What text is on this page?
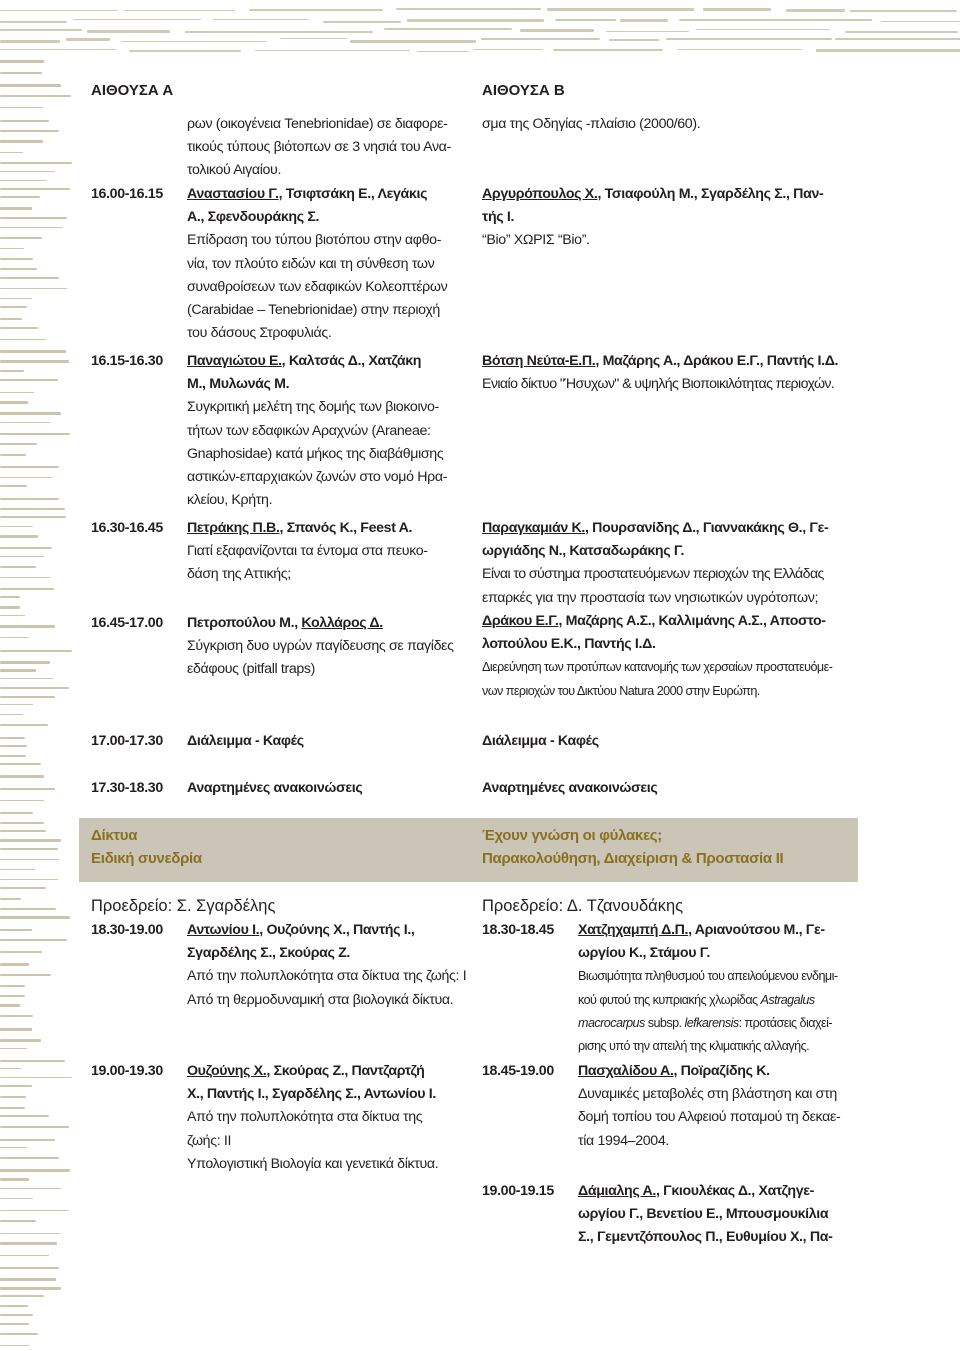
ΑΙΘΟΥΣΑ Α
ρων (οικογένεια Tenebrionidae) σε διαφορε-
τικούς τύπους βιότοπων σε 3 νησιά του Ανα-
τολικού Αιγαίου.
16.00-16.15 Αναστασίου Γ., Τσιφτσάκη Ε., Λεγάκις
Α., Σφενδουράκης Σ.
Επίδραση του τύπου βιοτόπου στην αφθο-
νία, τον πλούτο ειδών και τη σύνθεση των
συναθροίσεων των εδαφικών Κολεοπτέρων
(Carabidae – Tenebrionidae) στην περιοχή
του δάσους Στροφυλιάς.
16.15-16.30 Παναγιώτου Ε., Καλτσάς Δ., Χατζάκη
Μ., Μυλωνάς Μ.
Συγκριτική μελέτη της δομής των βιοκοινο-
τήτων των εδαφικών Αραχνών (Araneae:
Gnaphosidae) κατά μήκος της διαβάθμισης
αστικών-επαρχιακών ζωνών στο νομό Ηρα-
κλείου, Κρήτη.
16.30-16.45 Πετράκης Π.Β., Σπανός Κ., Feest A.
Γιατί εξαφανίζονται τα έντομα στα πευκο-
δάση της Αττικής;
16.45-17.00 Πετροπούλου Μ., Κολλάρος Δ.
Σύγκριση δυο υγρών παγίδευσης σε παγίδες
εδάφους (pitfall traps)
17.00-17.30 Διάλειμμα - Καφές
17.30-18.30 Αναρτημένες ανακοινώσεις
Δίκτυα
Ειδική συνεδρία
Έχουν γνώση οι φύλακες;
Παρακολούθηση, Διαχείριση & Προστασία ΙΙ
Προεδρείο: Σ. Σγαρδέλης
18.30-19.00 Αντωνίου Ι., Ουζούνης Χ., Παντής Ι.,
Σγαρδέλης Σ., Σκούρας Ζ.
Από την πολυπλοκότητα στα δίκτυα της ζωής: I
Από τη θερμοδυναμική στα βιολογικά δίκτυα.
19.00-19.30 Ουζούνης Χ., Σκούρας Ζ., Παντζαρτζή
Χ., Παντής Ι., Σγαρδέλης Σ., Αντωνίου Ι.
Από την πολυπλοκότητα στα δίκτυα της
ζωής: II
Υπολογιστική Βιολογία και γενετικά δίκτυα.
ΑΙΘΟΥΣΑ Β
σμα της Οδηγίας -πλαίσιο (2000/60).
Αργυρόπουλος Χ., Τσιαφούλη Μ., Σγαρδέλης Σ., Παν-
τής Ι.
“Βio” ΧΩΡΙΣ “Βio”.
Βότση Νεύτα-Ε.Π., Μαζάρης Α., Δράκου Ε.Γ., Παντής Ι.Δ.
Ενιαίο δίκτυο "Ήσυχων" & υψηλής Βιοποικιλότητας περιοχών.
Παραγκαμιάν Κ., Πουρσανίδης Δ., Γιαννακάκης Θ., Γε-
ωργιάδης Ν., Κατσαδωράκης Γ.
Είναι το σύστημα προστατευόμενων περιοχών της Ελλάδας
επαρκές για την προστασία των νησιωτικών υγρότοπων;
Δράκου Ε.Γ., Μαζάρης Α.Σ., Καλλιμάνης Α.Σ., Αποστο-
λοπούλου Ε.Κ., Παντής Ι.Δ.
Διερεύνηση των προτύπων κατανομής των χερσαίων προστατευόμε-
νων περιοχών του Δικτύου Natura 2000 στην Ευρώπη.
Διάλειμμα - Καφές
Αναρτημένες ανακοινώσεις
Προεδρείο: Δ. Τζανουδάκης
18.30-18.45 Χατζηχαμπή Δ.Π., Αριανούτσου Μ., Γε-
ωργίου Κ., Στάμου Γ.
Βιωσιμότητα πληθυσμού του απειλούμενου ενδημι-
κού φυτού της κυπριακής χλωρίδας Astragalus
macrocarpus subsp. lefkarensis: προτάσεις διαχεί-
ρισης υπό την απειλή της κλιματικής αλλαγής.
18.45-19.00 Πασχαλίδου Α., Ποϊραζίδης Κ.
Δυναμικές μεταβολές στη βλάστηση και στη
δομή τοπίου του Αλφειού ποταμού τη δεκαε-
τία 1994–2004.
19.00-19.15 Δάμιαλης Α., Γκιουλέκας Δ., Χατζηγε-
ωργίου Γ., Βενετίου Ε., Μπουσμουκίλια
Σ., Γεμεντζόπουλος Π., Ευθυμίου Χ., Πα-
